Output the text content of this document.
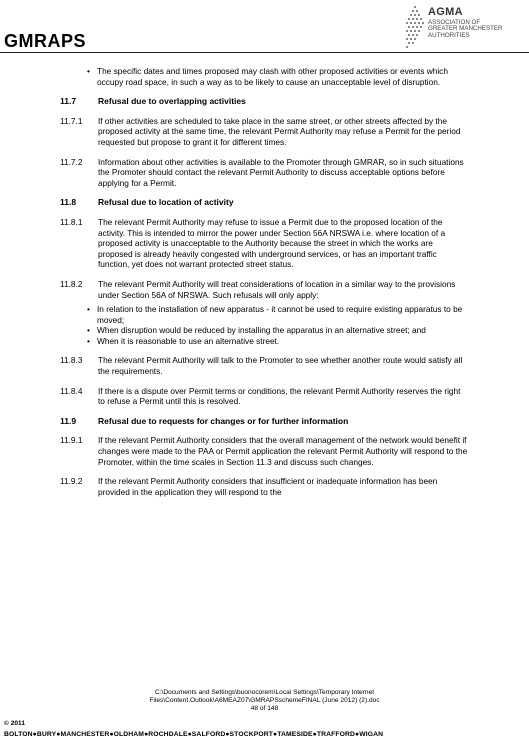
GMRAPS
AGMA
ASSOCIATION OF
GREATER MANCHESTER
AUTHORITIES

• The specific dates and times proposed may clash with other proposed activities or events which occupy road space, in such a way as to be likely to cause an unacceptable level of disruption.

11.7	Refusal due to overlapping activities
11.7.1 If other activities are scheduled to take place in the same street, or other streets affected by the proposed activity at the same time, the relevant Permit Authority may refuse a Permit for the period requested but propose to grant it for different times.
11.7.2 Information about other activities is available to the Promoter through GMRAR, so in such situations the Promoter should contact the relevant Permit Authority to discuss acceptable options before applying for a Permit.
11.8	Refusal due to location of activity
11.8.1 The relevant Permit Authority may refuse to issue a Permit due to the proposed location of the activity. This is intended to mirror the power under Section 56A NRSWA i.e. where location of a proposed activity is unacceptable to the Authority because the street in which the works are proposed is already heavily congested with underground services, or has an important traffic function, yet does not warrant protected street status.
11.8.2 The relevant Permit Authority will treat considerations of location in a similar way to the provisions under Section 56A of NRSWA. Such refusals will only apply:

• In relation to the installation of new apparatus - it cannot be used to require existing apparatus to be moved;

• When disruption would be reduced by installing the apparatus in an alternative street; and

• When it is reasonable to use an alternative street.

11.8.3 The relevant Permit Authority will talk to the Promoter to see whether another route would satisfy all the requirements.
11.8.4 If there is a dispute over Permit terms or conditions, the relevant Permit Authority reserves the right to refuse a Permit until this is resolved.
11.9	Refusal due to requests for changes or for further information
11.9.1 If the relevant Permit Authority considers that the overall management of the network would benefit if changes were made to the PAA or Permit application the relevant Permit Authority will respond to the Promoter, within the time scales in Section 11.3 and discuss such changes.
11.9.2 If the relevant Permit Authority considers that insufficient or inadequate information has been provided in the application they will respond to the
C:\Documents and Settings\buonocorem\Local Settings\Temporary Internet
Files\Content.Outlook\A6MEAZ07\GMRAPSschemeFINAL (June 2012) (2).doc
48 of 148
© 2011
BOLTON●BURY●MANCHESTER●OLDHAM●ROCHDALE●SALFORD●STOCKPORT●TAMESIDE●TRAFFORD●WIGAN
